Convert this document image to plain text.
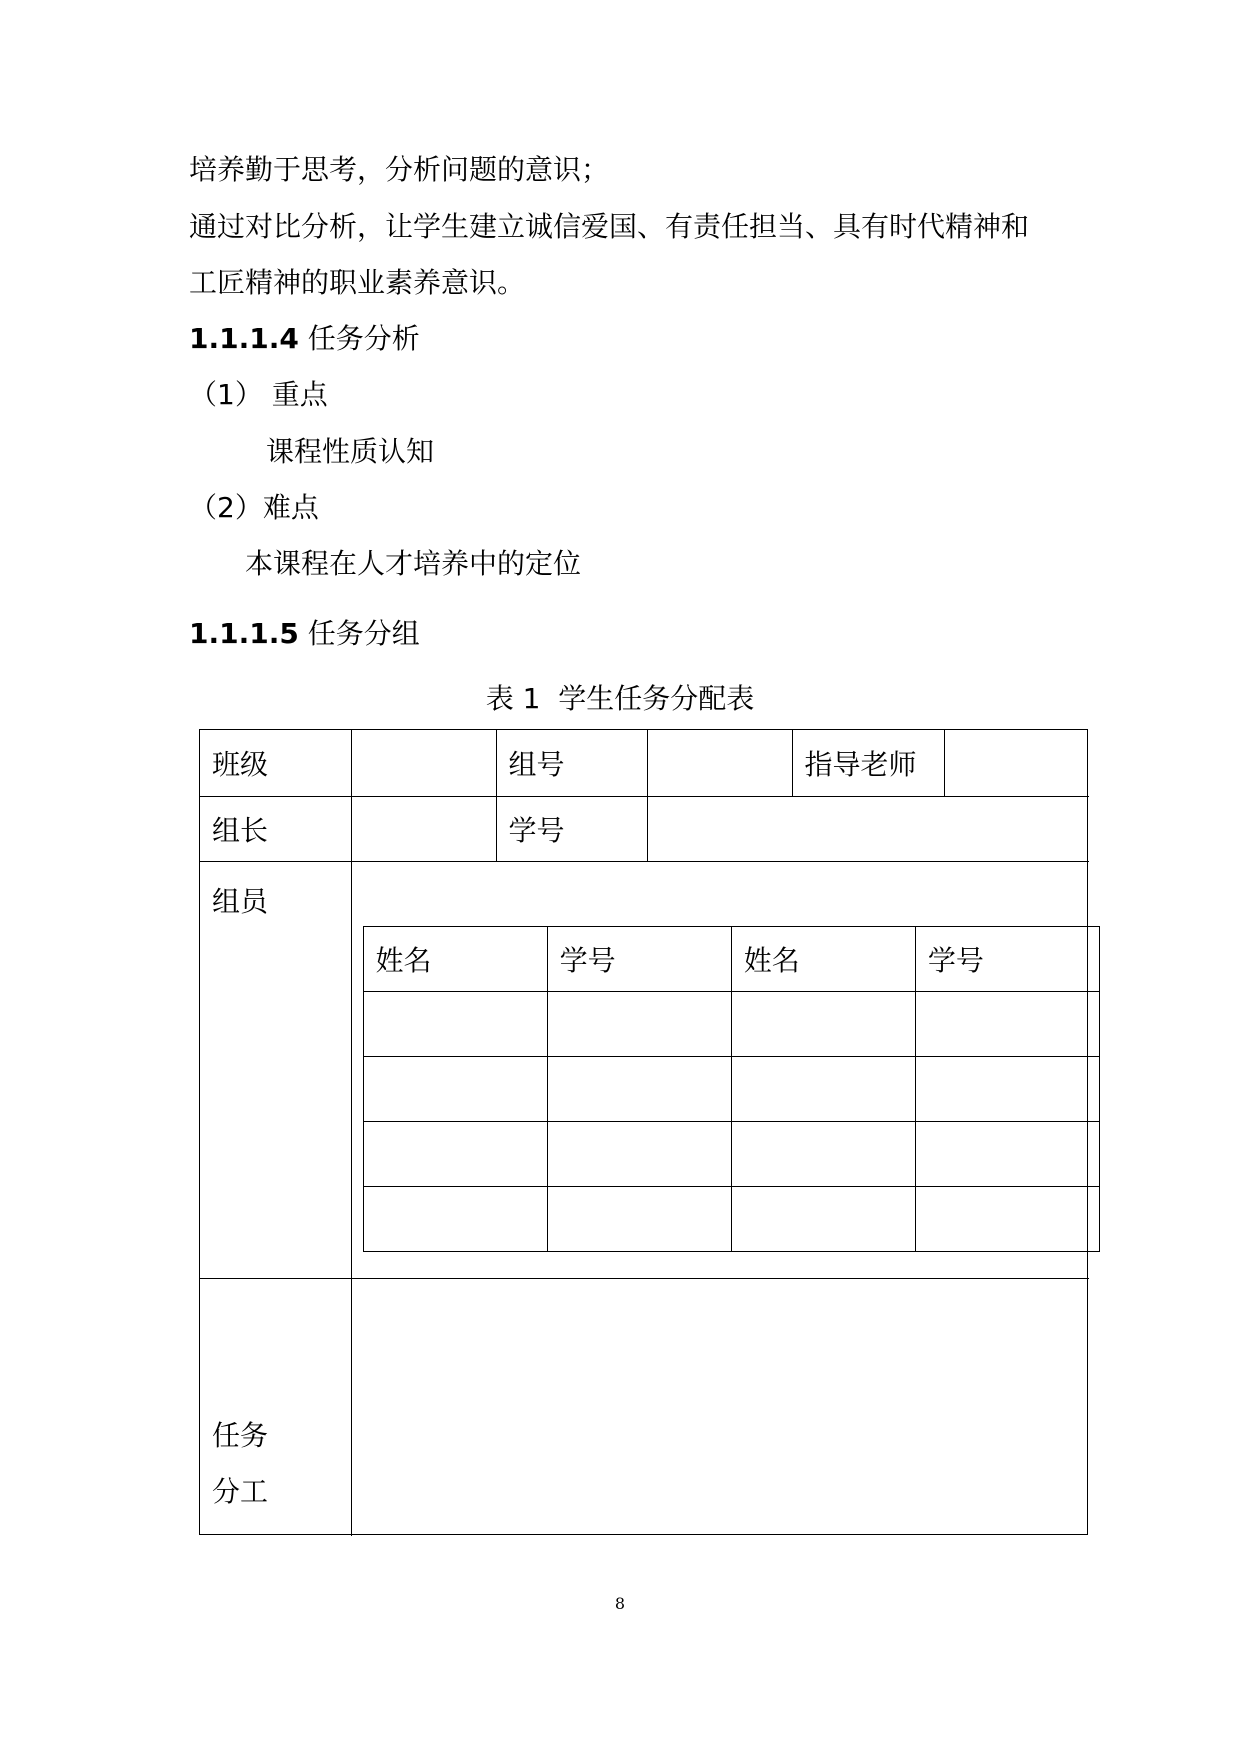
培养勤于思考，分析问题的意识；
通过对比分析，让学生建立诚信爱国、有责任担当、具有时代精神和
工匠精神的职业素养意识。
1.1.1.4 任务分析
（1） 重点
课程性质认知
（2）难点
本课程在人才培养中的定位
1.1.1.5 任务分组
表 1 学生任务分配表
班级		组号		指导老师	
组长		学号	
组员	
姓名	学号	姓名	学号

任务
分工	
8
